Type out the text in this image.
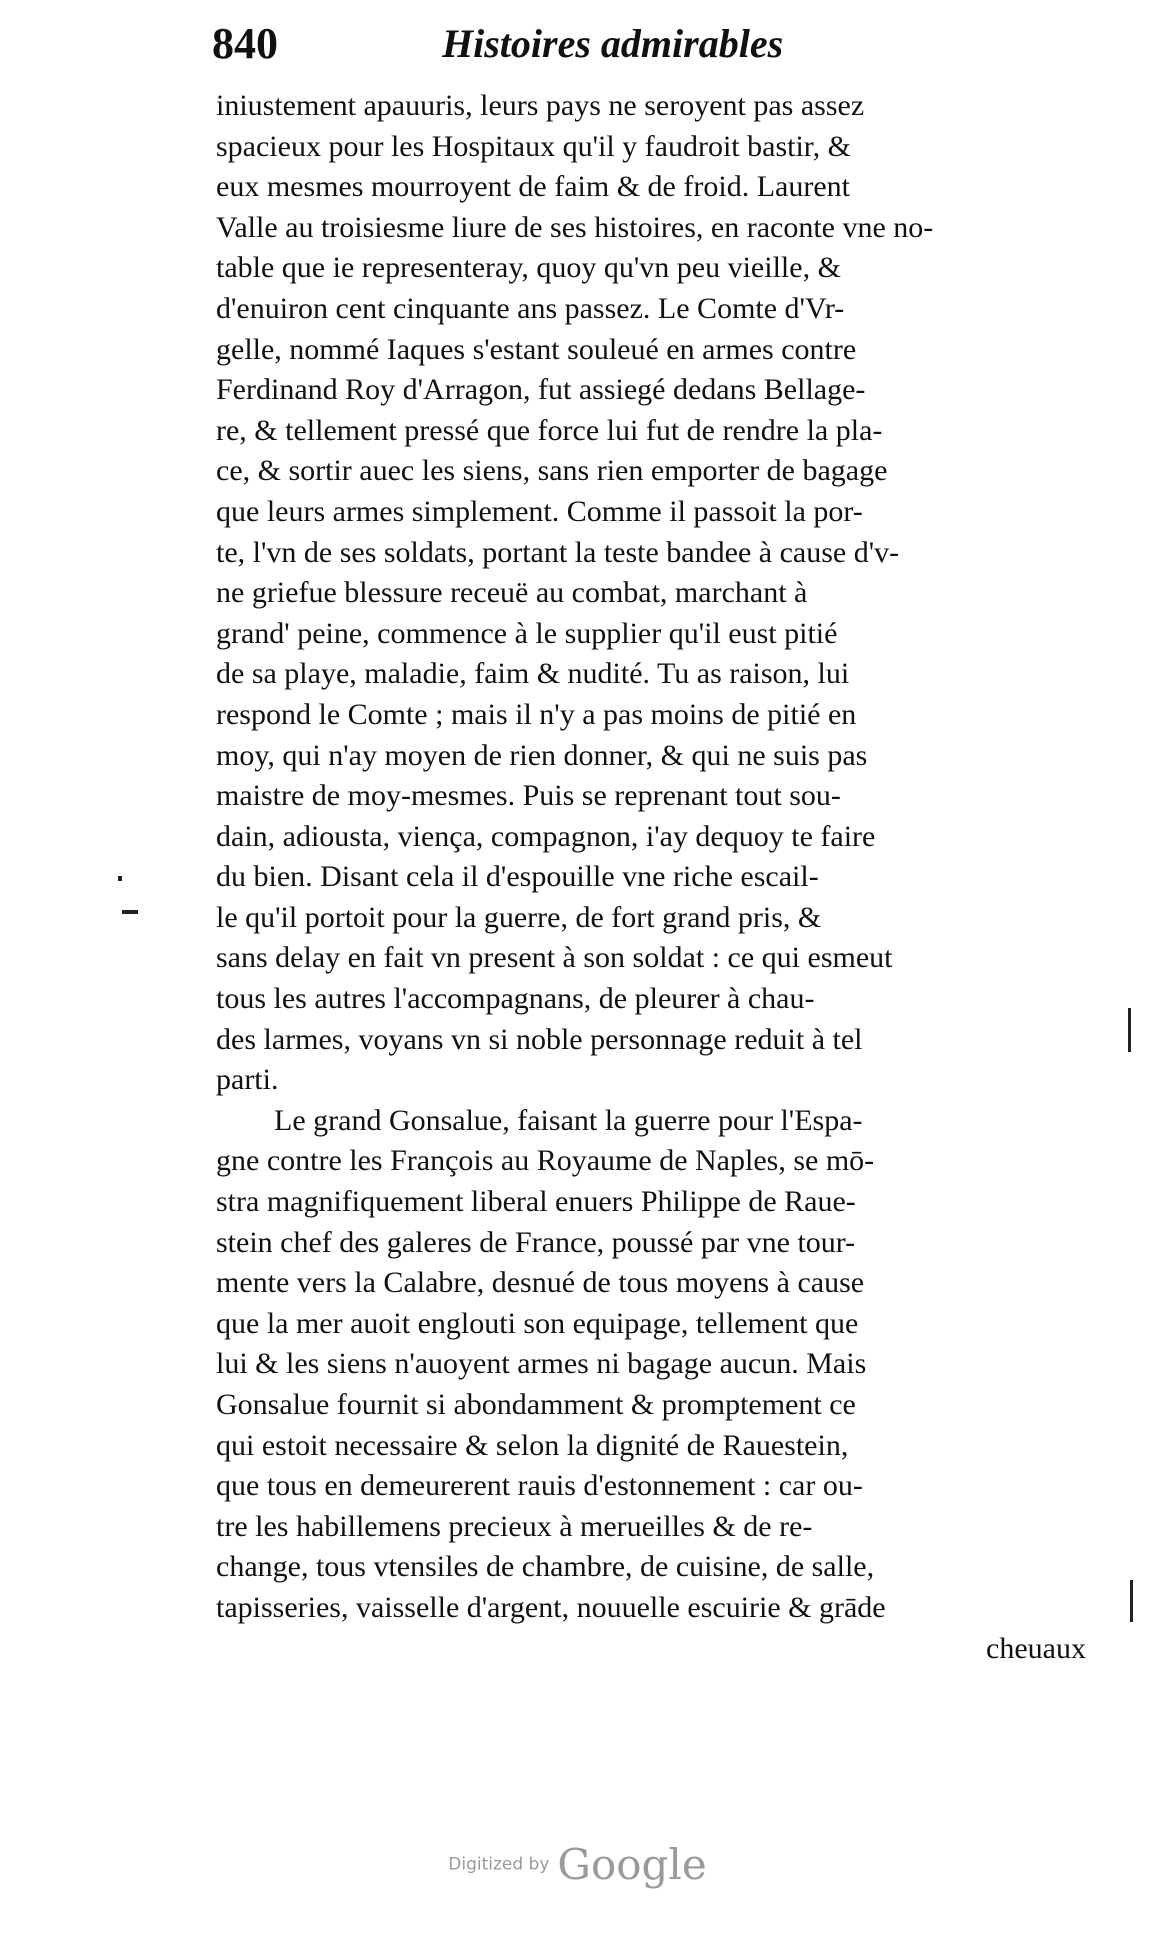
840	Histoires admirables
iniustement apauuris, leurs pays ne seroyent pas assez
spacieux pour les Hospitaux qu'il y faudroit bastir, &
eux mesmes mourroyent de faim & de froid. Laurent
Valle au troisiesme liure de ses histoires, en raconte vne no-
table que ie representeray, quoy qu'vn peu vieille, &
d'enuiron cent cinquante ans passez. Le Comte d'Vr-
gelle, nommé Iaques s'estant souleué en armes contre
Ferdinand Roy d'Arragon, fut assiegé dedans Bellage-
re, & tellement pressé que force lui fut de rendre la pla-
ce, & sortir auec les siens, sans rien emporter de bagage
que leurs armes simplement. Comme il passoit la por-
te, l'vn de ses soldats, portant la teste bandee à cause d'v-
ne griefue blessure receuë au combat, marchant à
grand' peine, commence à le supplier qu'il eust pitié
de sa playe, maladie, faim & nudité. Tu as raison, lui
respond le Comte ; mais il n'y a pas moins de pitié en
moy, qui n'ay moyen de rien donner, & qui ne suis pas
maistre de moy-mesmes. Puis se reprenant tout sou-
dain, adiousta, viença, compagnon, i'ay dequoy te faire
du bien. Disant cela il d'espouille vne riche escail-
le qu'il portoit pour la guerre, de fort grand pris, &
sans delay en fait vn present à son soldat : ce qui esmeut
tous les autres l'accompagnans, de pleurer à chau-
des larmes, voyans vn si noble personnage reduit à tel
parti.
Le grand Gonsalue, faisant la guerre pour l'Espa-
gne contre les François au Royaume de Naples, se mō-
stra magnifiquement liberal enuers Philippe de Raue-
stein chef des galeres de France, poussé par vne tour-
mente vers la Calabre, desnué de tous moyens à cause
que la mer auoit englouti son equipage, tellement que
lui & les siens n'auoyent armes ni bagage aucun. Mais
Gonsalue fournit si abondamment & promptement ce
qui estoit necessaire & selon la dignité de Rauestein,
que tous en demeurerent rauis d'estonnement : car ou-
tre les habillemens precieux à merueilles & de re-
change, tous vtensiles de chambre, de cuisine, de salle,
tapisseries, vaisselle d'argent, nouuelle escuirie & grāde
cheuaux
Digitized by Google
